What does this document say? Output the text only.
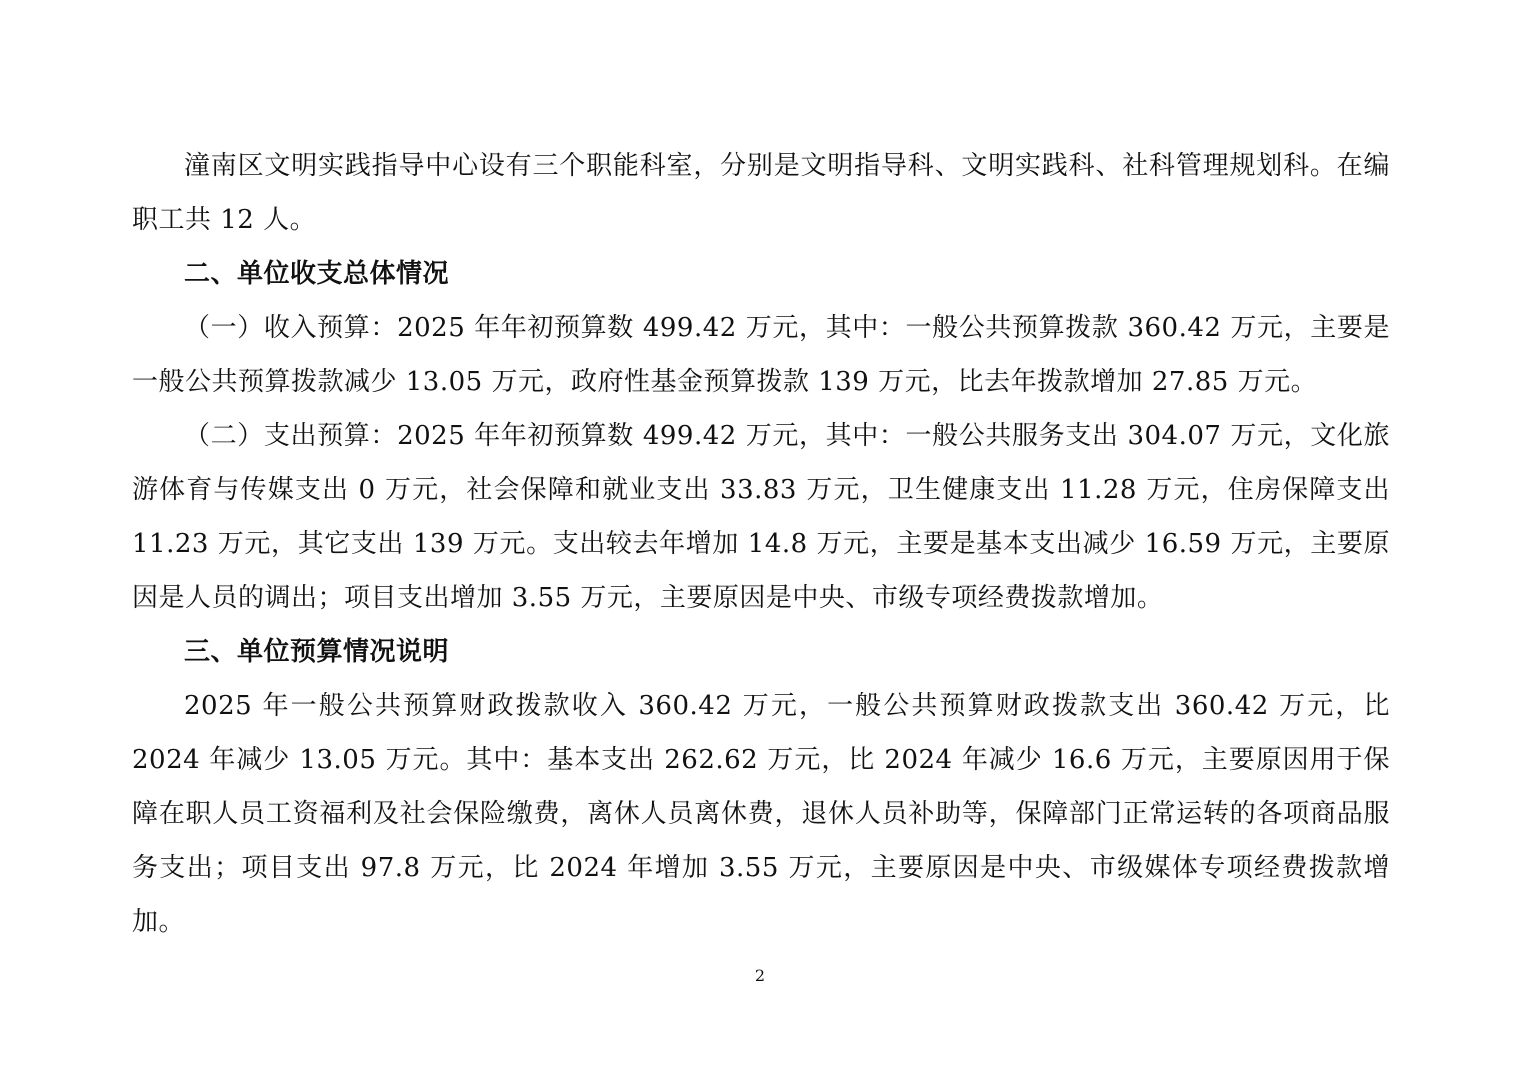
潼南区文明实践指导中心设有三个职能科室，分别是文明指导科、文明实践科、社科管理规划科。在编职工共 12 人。

二、单位收支总体情况

（一）收入预算：2025 年年初预算数 499.42 万元，其中：一般公共预算拨款 360.42 万元，主要是一般公共预算拨款减少 13.05 万元，政府性基金预算拨款 139 万元，比去年拨款增加 27.85 万元。

（二）支出预算：2025 年年初预算数 499.42 万元，其中：一般公共服务支出 304.07 万元，文化旅游体育与传媒支出 0 万元，社会保障和就业支出 33.83 万元，卫生健康支出 11.28 万元，住房保障支出 11.23 万元，其它支出 139 万元。支出较去年增加 14.8 万元，主要是基本支出减少 16.59 万元，主要原因是人员的调出；项目支出增加 3.55 万元，主要原因是中央、市级专项经费拨款增加。

三、单位预算情况说明

2025 年一般公共预算财政拨款收入 360.42 万元，一般公共预算财政拨款支出 360.42 万元，比 2024 年减少 13.05 万元。其中：基本支出 262.62 万元，比 2024 年减少 16.6 万元，主要原因用于保障在职人员工资福利及社会保险缴费，离休人员离休费，退休人员补助等，保障部门正常运转的各项商品服务支出；项目支出 97.8 万元，比 2024 年增加 3.55 万元，主要原因是中央、市级媒体专项经费拨款增加。

2
